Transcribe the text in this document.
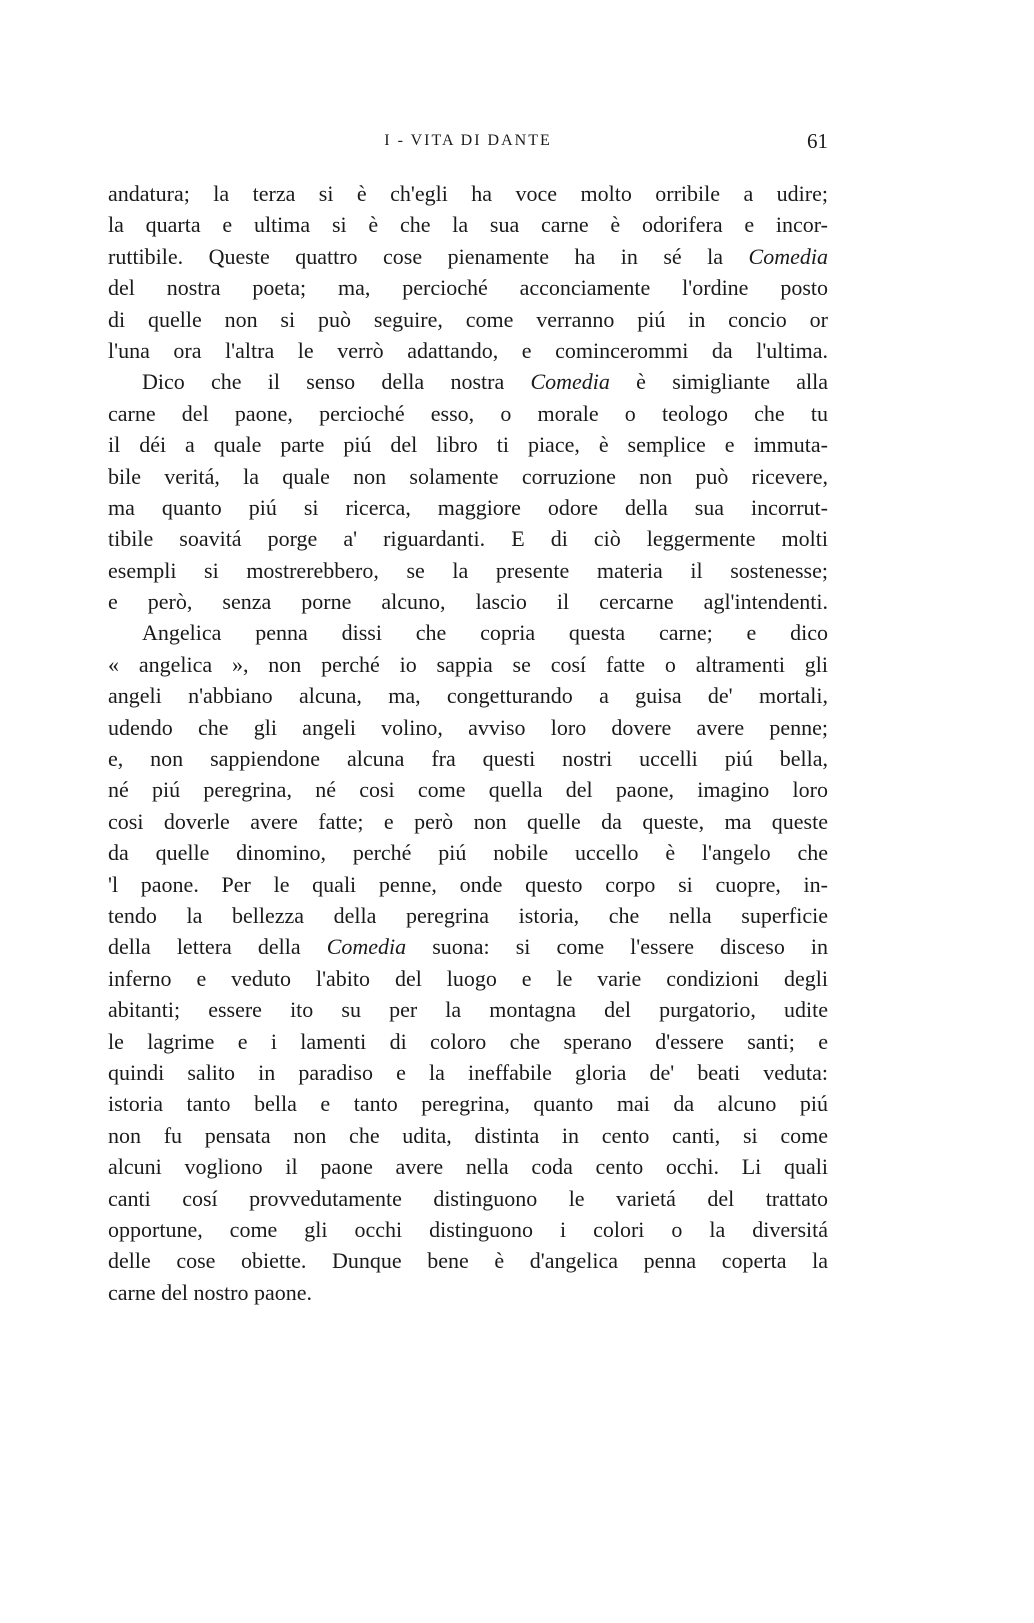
I - VITA DI DANTE	61
andatura; la terza si è ch'egli ha voce molto orribile a udire;
la quarta e ultima si è che la sua carne è odorifera e incor-
ruttibile. Queste quattro cose pienamente ha in sé la Comedia
del nostra poeta; ma, percioché acconciamente l'ordine posto
di quelle non si può seguire, come verranno piú in concio or
l'una ora l'altra le verrò adattando, e comincerommi da l'ultima.
Dico che il senso della nostra Comedia è simigliante alla
carne del paone, percioché esso, o morale o teologo che tu
il déi a quale parte piú del libro ti piace, è semplice e immuta-
bile veritá, la quale non solamente corruzione non può ricevere,
ma quanto piú si ricerca, maggiore odore della sua incorrut-
tibile soavitá porge a' riguardanti. E di ciò leggermente molti
esempli si mostrerebbero, se la presente materia il sostenesse;
e però, senza porne alcuno, lascio il cercarne agl'intendenti.
Angelica penna dissi che copria questa carne; e dico
« angelica », non perché io sappia se cosí fatte o altramenti gli
angeli n'abbiano alcuna, ma, congetturando a guisa de' mortali,
udendo che gli angeli volino, avviso loro dovere avere penne;
e, non sappiendone alcuna fra questi nostri uccelli piú bella,
né piú peregrina, né cosi come quella del paone, imagino loro
cosi doverle avere fatte; e però non quelle da queste, ma queste
da quelle dinomino, perché piú nobile uccello è l'angelo che
'l paone. Per le quali penne, onde questo corpo si cuopre, in-
tendo la bellezza della peregrina istoria, che nella superficie
della lettera della Comedia suona: si come l'essere disceso in
inferno e veduto l'abito del luogo e le varie condizioni degli
abitanti; essere ito su per la montagna del purgatorio, udite
le lagrime e i lamenti di coloro che sperano d'essere santi; e
quindi salito in paradiso e la ineffabile gloria de' beati veduta:
istoria tanto bella e tanto peregrina, quanto mai da alcuno piú
non fu pensata non che udita, distinta in cento canti, si come
alcuni vogliono il paone avere nella coda cento occhi. Li quali
canti cosí provvedutamente distinguono le varietá del trattato
opportune, come gli occhi distinguono i colori o la diversitá
delle cose obiette. Dunque bene è d'angelica penna coperta la
carne del nostro paone.
